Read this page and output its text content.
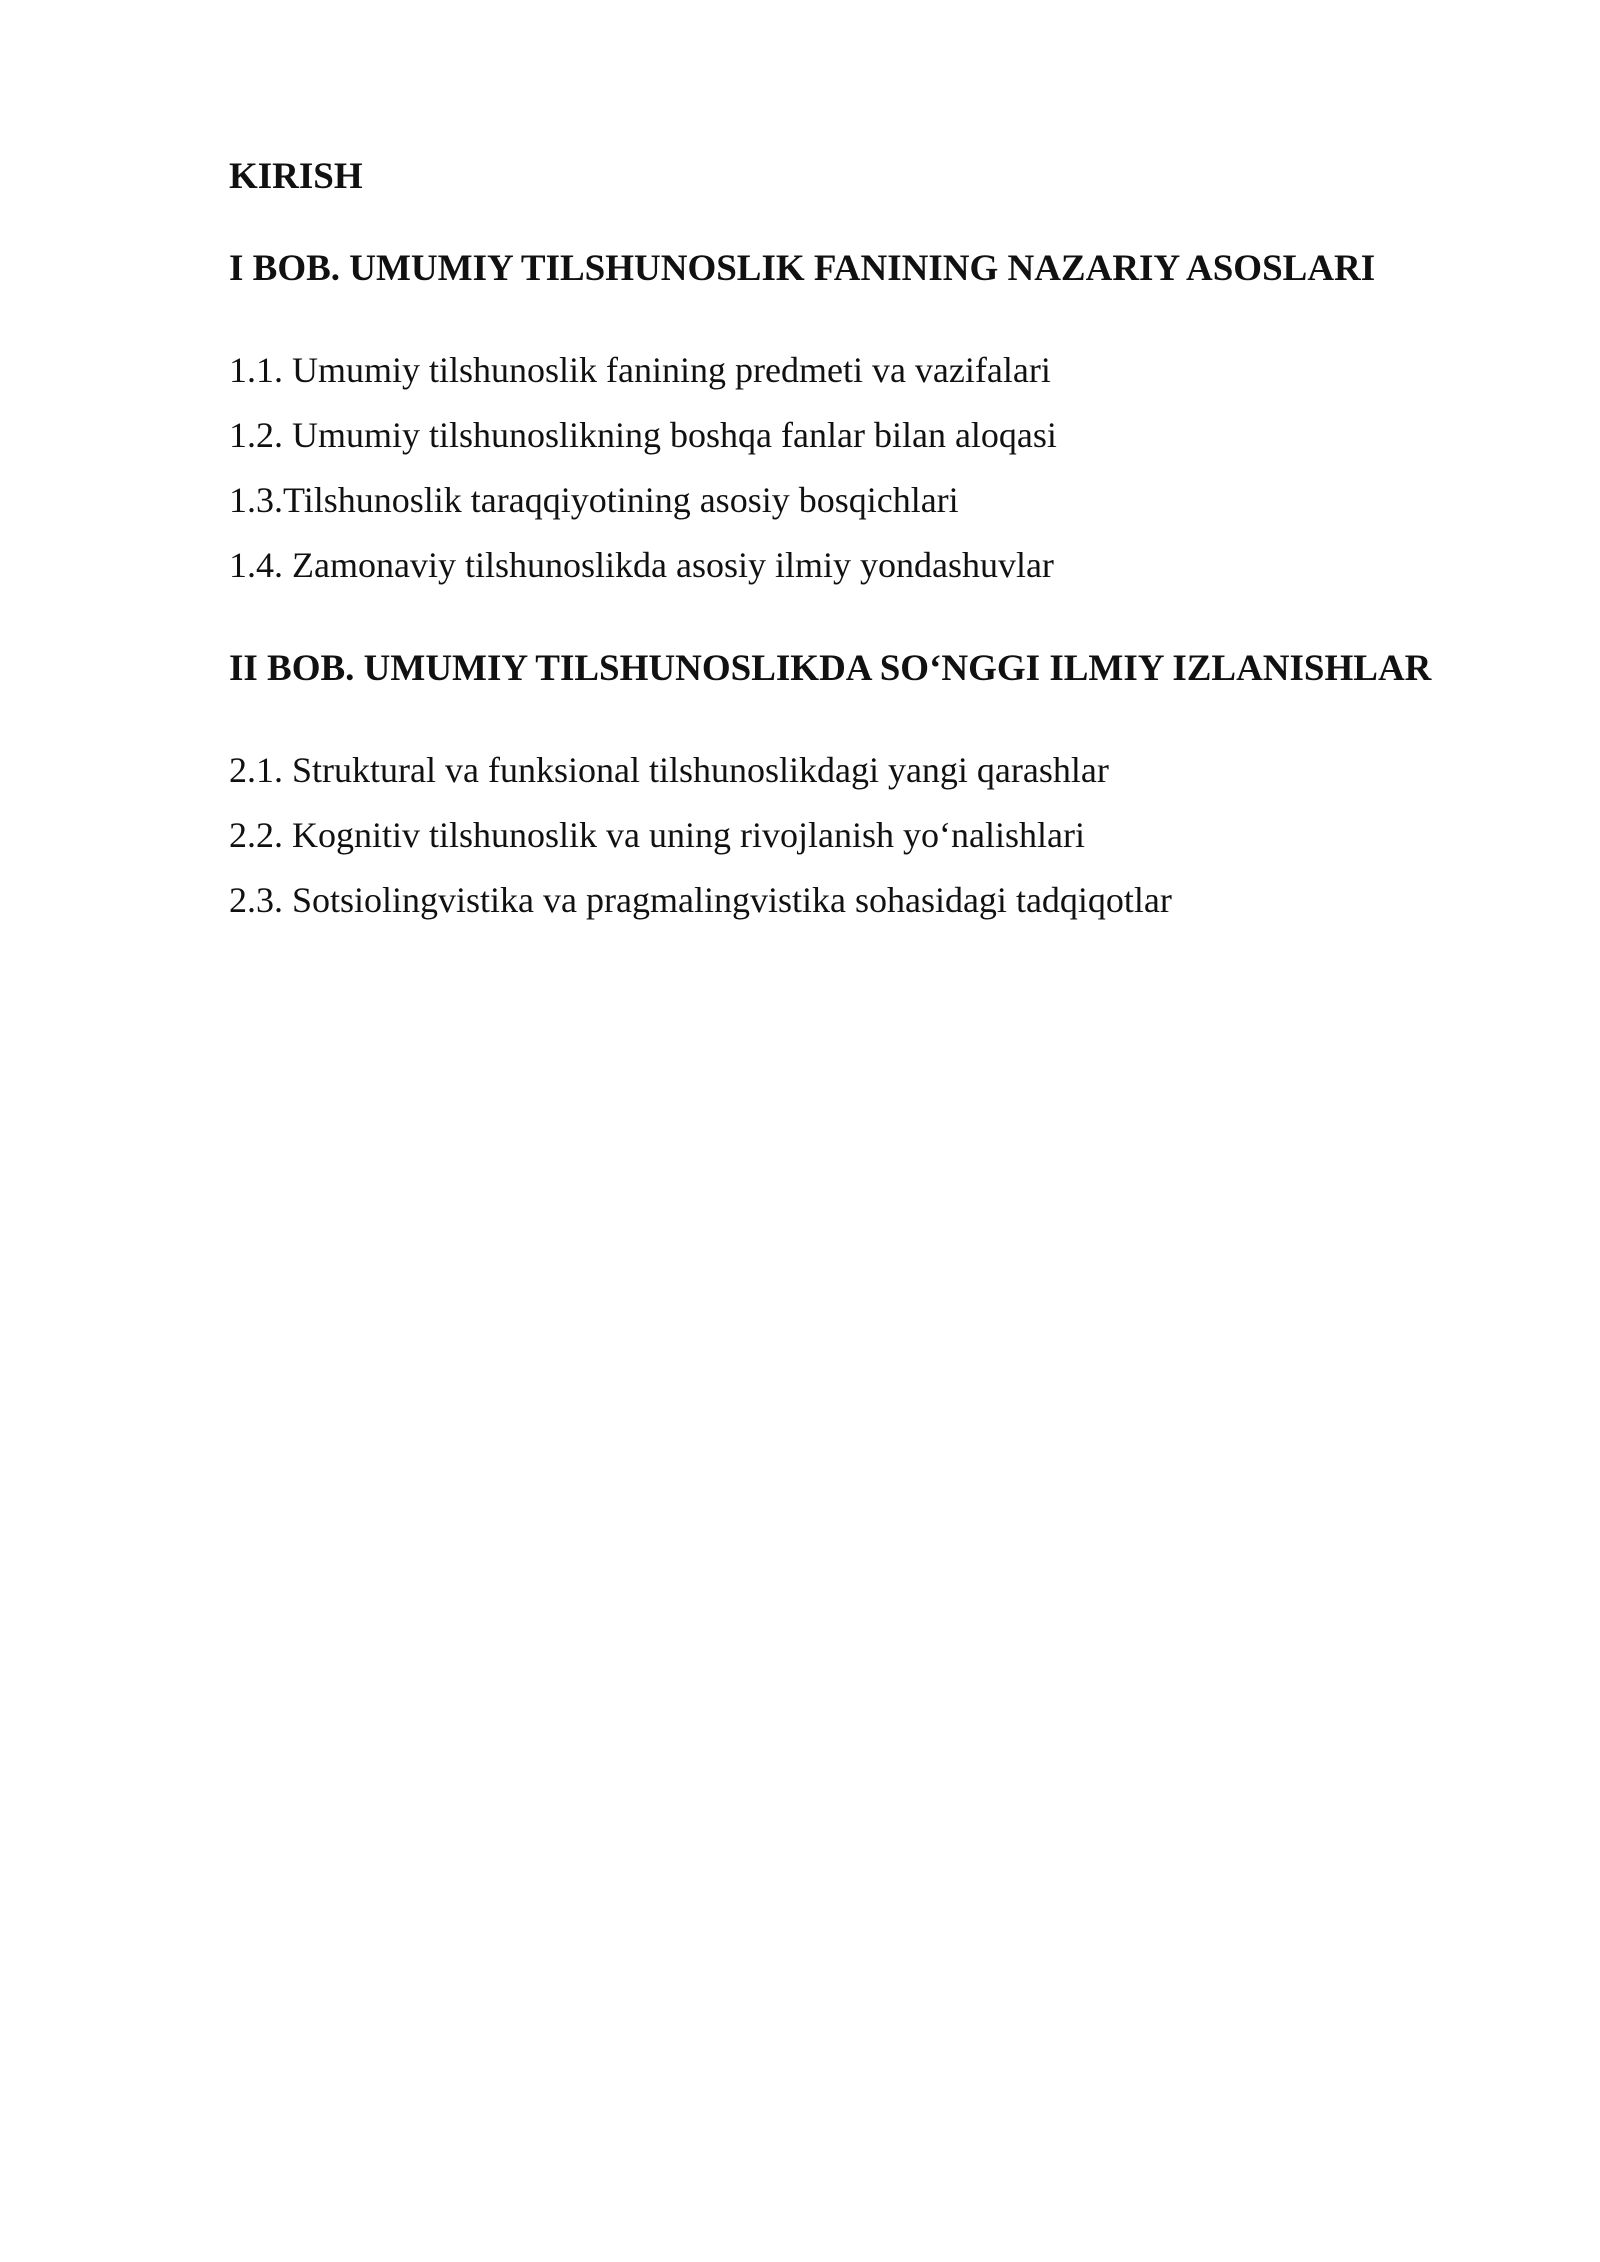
KIRISH
I BOB. UMUMIY TILSHUNOSLIK FANINING NAZARIY ASOSLARI
1.1. Umumiy tilshunoslik fanining predmeti va vazifalari
1.2. Umumiy tilshunoslikning boshqa fanlar bilan aloqasi
1.3.Tilshunoslik taraqqiyotining asosiy bosqichlari
1.4. Zamonaviy tilshunoslikda asosiy ilmiy yondashuvlar
II BOB. UMUMIY TILSHUNOSLIKDA SO‘NGGI ILMIY IZLANISHLAR
2.1. Struktural va funksional tilshunoslikdagi yangi qarashlar
2.2. Kognitiv tilshunoslik va uning rivojlanish yo‘nalishlari
2.3. Sotsiolingvistika va pragmalingvistika sohasidagi tadqiqotlar
